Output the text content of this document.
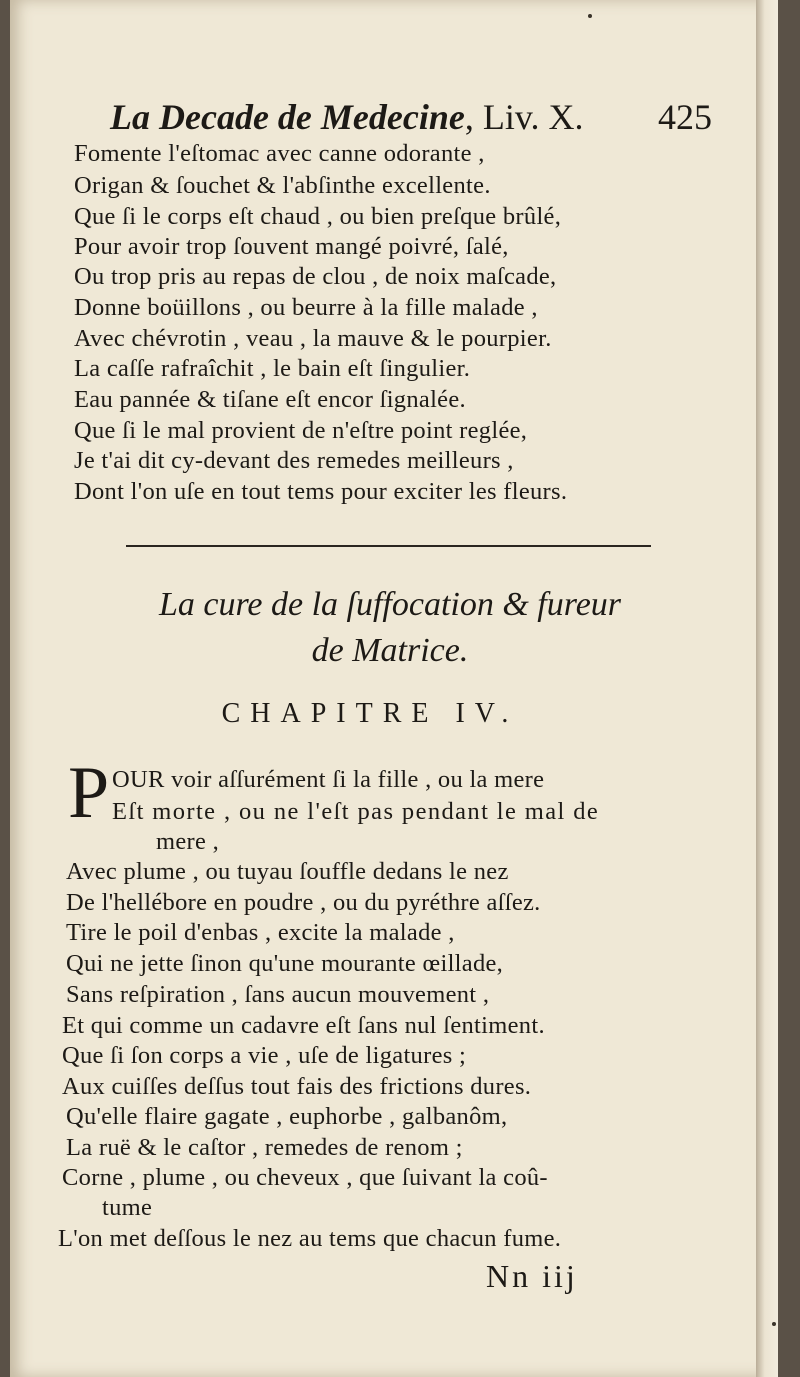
La Decade de Medecine, Liv. X. 425
Fomente l'eſtomac avec canne odorante ,
Origan & ſouchet & l'abſinthe excellente.
Que ſi le corps eſt chaud , ou bien preſque brûlé,
Pour avoir trop ſouvent mangé poivré, ſalé,
Ou trop pris au repas de clou , de noix maſcade,
Donne boüillons , ou beurre à la fille malade ,
Avec chévrotin , veau , la mauve & le pourpier.
La caſſe rafraîchit , le bain eſt ſingulier.
Eau pannée & tiſane eſt encor ſignalée.
Que ſi le mal provient de n'eſtre point reglée,
Je t'ai dit cy-devant des remedes meilleurs ,
Dont l'on uſe en tout tems pour exciter les fleurs.
La cure de la ſuffocation & fureur
de Matrice.
CHAPITRE IV.
P OUR voir aſſurément ſi la fille , ou la mere
Eſt morte , ou ne l'eſt pas pendant le mal de
mere ,
Avec plume , ou tuyau ſouffle dedans le nez
De l'hellébore en poudre , ou du pyréthre aſſez.
Tire le poil d'enbas , excite la malade ,
Qui ne jette ſinon qu'une mourante œillade,
Sans reſpiration , ſans aucun mouvement ,
Et qui comme un cadavre eſt ſans nul ſentiment.
Que ſi ſon corps a vie , uſe de ligatures ;
Aux cuiſſes deſſus tout fais des frictions dures.
Qu'elle flaire gagate , euphorbe , galbanôm,
La ruë & le caſtor , remedes de renom ;
Corne , plume , ou cheveux , que ſuivant la coû-
tume
L'on met deſſous le nez au tems que chacun fume.
Nn iij
